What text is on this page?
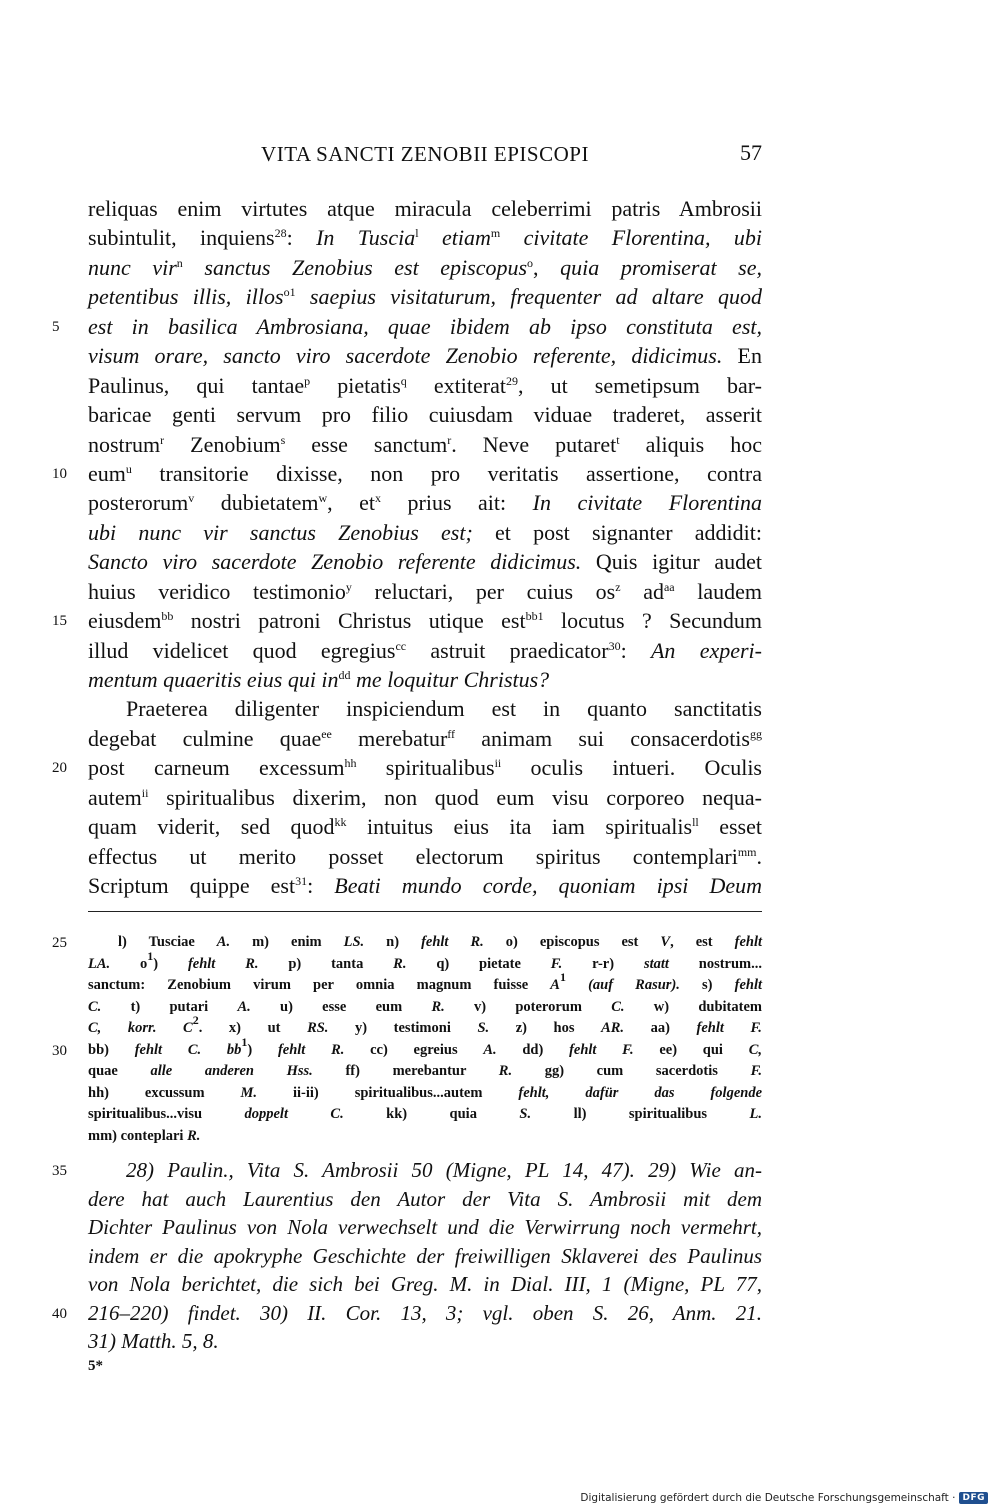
VITA SANCTI ZENOBII EPISCOPI	57
reliquas enim virtutes atque miracula celeberrimi patris Ambrosii
subintulit, inquiens$^{28}$: In Tuscia$^l$ etiam$^m$ civitate Florentina, ubi
nunc vir$^n$ sanctus Zenobius est episcopus$^o$, quia promiserat se,
petentibus illis, illos$^{o1}$ saepius visitaturum, frequenter ad altare quod
5	est in basilica Ambrosiana, quae ibidem ab ipso constituta est,
visum orare, sancto viro sacerdote Zenobio referente, didicimus. En
Paulinus, qui tantae$^p$ pietatis$^q$ extiterat$^{29}$, ut semetipsum bar-
baricae genti servum pro filio cuiusdam viduae traderet, asserit
nostrum$^r$ Zenobium$^s$ esse sanctum$^r$. Neve putaret$^t$ aliquis hoc
10 eum$^u$ transitorie dixisse, non pro veritatis assertione, contra
posterorum$^v$ dubietatem$^w$, $et^x$ prius ait: In civitate Florentina
ubi nunc vir sanctus Zenobius est; et post signanter addidit:
Sancto viro sacerdote Zenobio referente didicimus. Quis igitur audet
huius veridico testimonio$^y$ reluctari, per cuius $os^z$ $ad^{aa}$ laudem
15 eiusdem$^{bb}$ nostri patroni Christus utique est$^{bb1}$ locutus ? Secundum
illud videlicet quod egregius$^{cc}$ astruit praedicator$^{30}$: An experi-
mentum quaeritis eius qui $in^{dd}$ me loquitur Christus?
Praeterea diligenter inspiciendum est in quanto sanctitatis
degebat culmine quae$^{ee}$ merebatur$^{ff}$ animam sui consacerdotis$^{gg}$
20 post carneum excessum$^{hh}$ spiritualibus$^{ii}$ oculis intueri. Oculis
autem$^{ii}$ spiritualibus dixerim, non quod eum visu corporeo nequa-
quam viderit, sed quod$^{kk}$ intuitus eius ita iam spiritualis$^{ll}$ esset
effectus ut merito posset electorum spiritus contemplari$^{mm}$.
Scriptum quippe est$^{31}$: Beati mundo corde, quoniam ipsi Deum
25	l) Tusciae A. m) enim LS. n) fehlt R. o) episcopus est V, est fehlt
LA. $o^1$) fehlt R. p) tanta R. q) pietate F. r-r) statt nostrum...
sanctum: Zenobium virum per omnia magnum fuisse $A^1$ (auf Rasur). s) fehlt
C. t) putari A. u) esse eum R. v) poterorum C. w) dubitatem
C, korr. $C^2$. x) ut RS. y) testimoni S. z) hos AR. aa) fehlt F.
30	bb) fehlt C. $bb^1$) fehlt R. cc) egreius A. dd) fehlt F. ee) qui C,
quae alle anderen Hss. ff) merebantur R. gg) cum sacerdotis F.
hh) excussum M. ii-ii) spiritualibus...autem fehlt, dafür das folgende
spiritualibus...visu doppelt C. kk) quia S. ll) spiritualibus L.
mm) conteplari R.
35	28) Paulin., Vita S. Ambrosii 50 (Migne, PL 14, 47). 29) Wie an-
dere hat auch Laurentius den Autor der Vita S. Ambrosii mit dem
Dichter Paulinus von Nola verwechselt und die Verwirrung noch vermehrt,
indem er die apokryphe Geschichte der freiwilligen Sklaverei des Paulinus
von Nola berichtet, die sich bei Greg. M. in Dial. III, 1 (Migne, PL 77,
40	216–220) findet. 30) II. Cor. 13, 3; vgl. oben S. 26, Anm. 21.
31) Matth. 5, 8.
5*
Digitalisierung gefördert durch die Deutsche Forschungsgemeinschaft · DFG
